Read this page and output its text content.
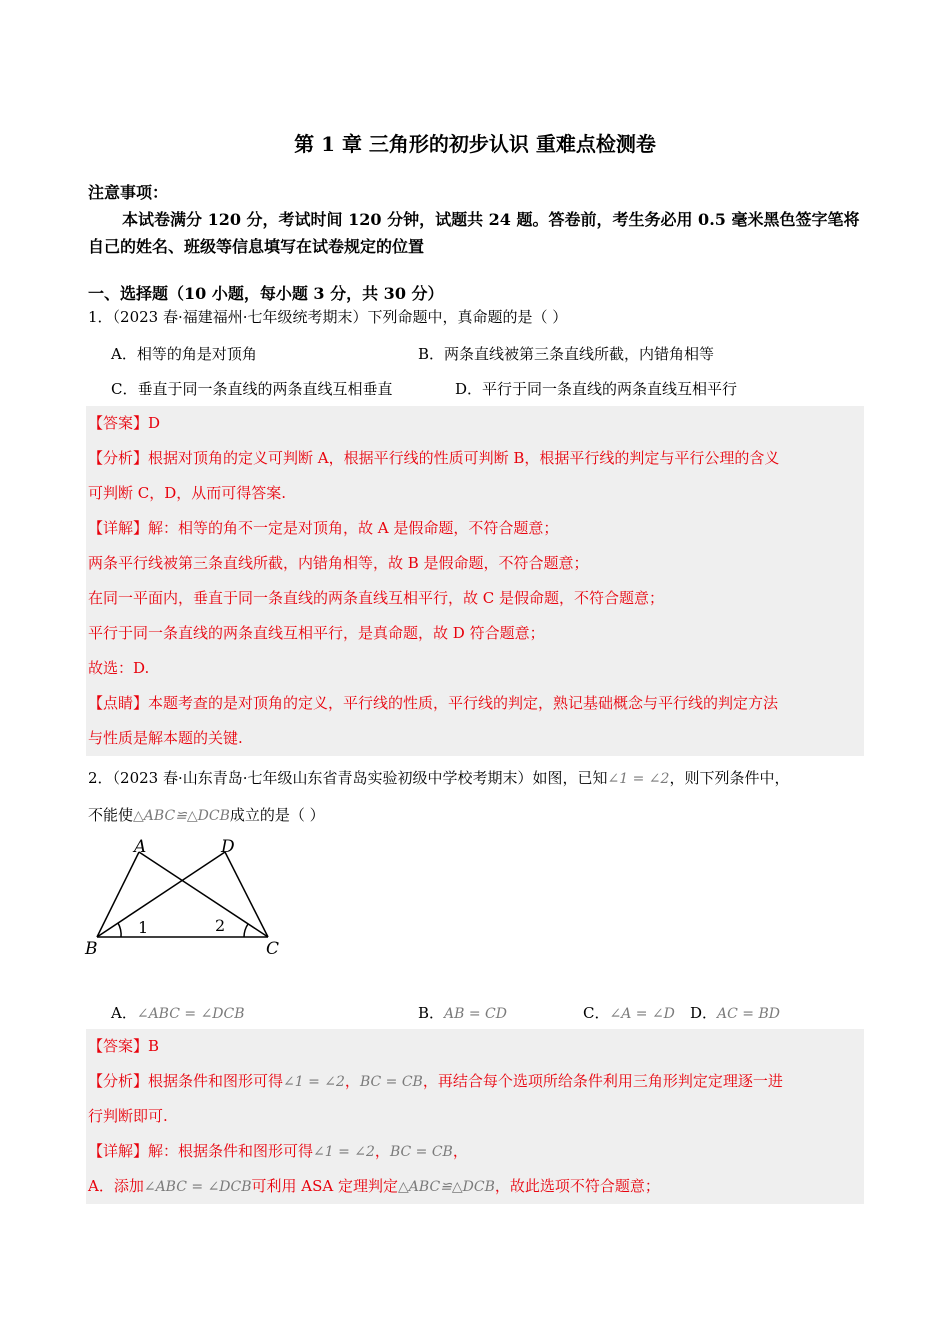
第 1 章 三角形的初步认识 重难点检测卷
注意事项：
本试卷满分 120 分，考试时间 120 分钟，试题共 24 题。答卷前，考生务必用 0.5 毫米黑色签字笔将自己的姓名、班级等信息填写在试卷规定的位置
一、选择题（10 小题，每小题 3 分，共 30 分）
1．（2023 春·福建福州·七年级统考期末）下列命题中，真命题的是（ ）
A．相等的角是对顶角	B．两条直线被第三条直线所截，内错角相等
C．垂直于同一条直线的两条直线互相垂直	D．平行于同一条直线的两条直线互相平行
【答案】D
【分析】根据对顶角的定义可判断 A，根据平行线的性质可判断 B，根据平行线的判定与平行公理的含义
可判断 C，D，从而可得答案.
【详解】解：相等的角不一定是对顶角，故 A 是假命题，不符合题意；
两条平行线被第三条直线所截，内错角相等，故 B 是假命题，不符合题意；
在同一平面内，垂直于同一条直线的两条直线互相平行，故 C 是假命题，不符合题意；
平行于同一条直线的两条直线互相平行，是真命题，故 D 符合题意；
故选：D.
【点睛】本题考查的是对顶角的定义，平行线的性质，平行线的判定，熟记基础概念与平行线的判定方法
与性质是解本题的关键.
2．（2023 春·山东青岛·七年级山东省青岛实验初级中学校考期末）如图，已知∠1 = ∠2，则下列条件中，
不能使△ABC≌△DCB成立的是（ ）
A	D
B	C
1	2
A．∠ABC = ∠DCB	B．AB = CD	C．∠A = ∠D D．AC = BD
【答案】B
【分析】根据条件和图形可得∠1 = ∠2，BC = CB，再结合每个选项所给条件利用三角形判定定理逐一进
行判断即可.
【详解】解：根据条件和图形可得∠1 = ∠2，BC = CB，
A．添加∠ABC = ∠DCB可利用 ASA 定理判定△ABC≌△DCB，故此选项不符合题意；
